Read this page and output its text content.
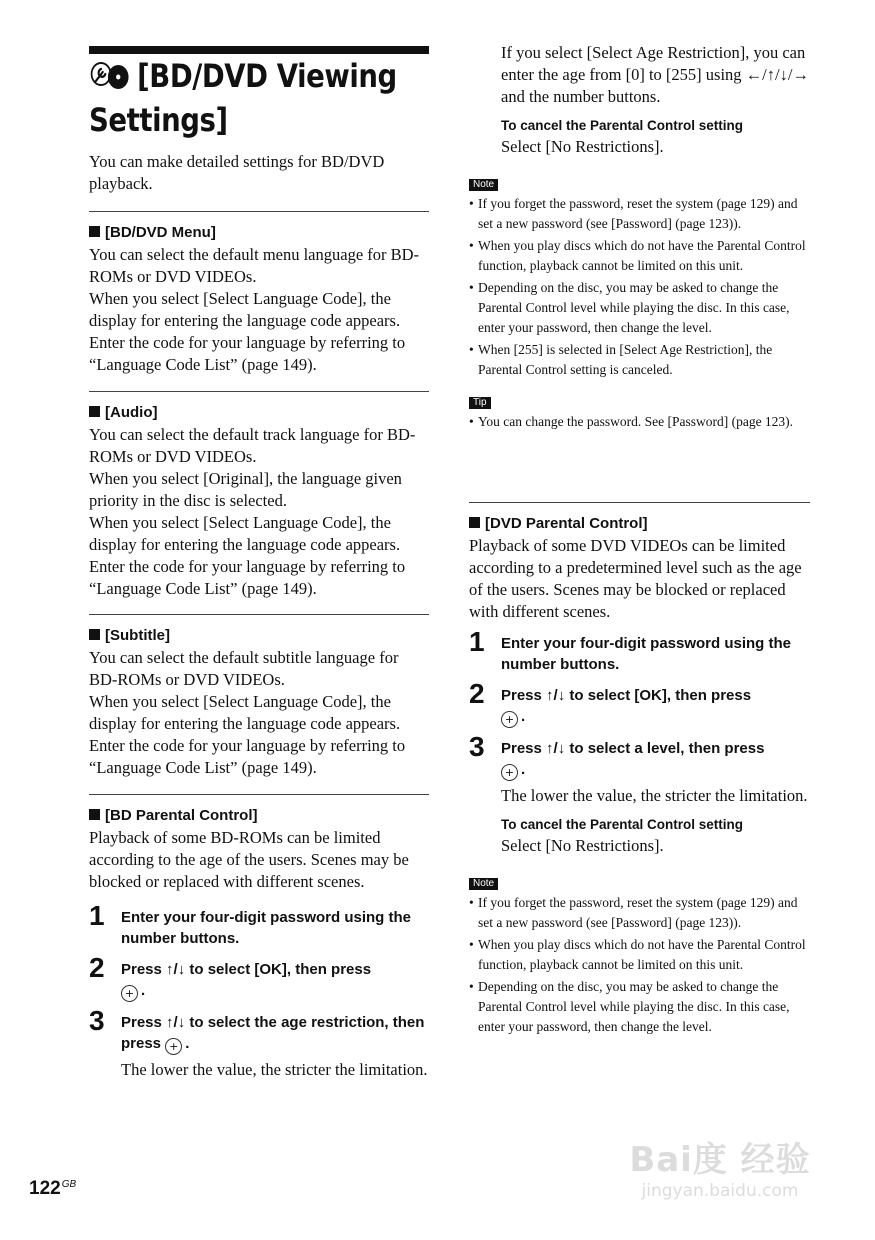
[BD/DVD Viewing
Settings]

You can make detailed settings for BD/DVD playback.

[BD/DVD Menu]

You can select the default menu language for BD-ROMs or DVD VIDEOs.

When you select [Select Language Code], the display for entering the language code appears. Enter the code for your language by referring to “Language Code List” (page 149).

[Audio]

You can select the default track language for BD-ROMs or DVD VIDEOs.

When you select [Original], the language given priority in the disc is selected.

When you select [Select Language Code], the display for entering the language code appears. Enter the code for your language by referring to “Language Code List” (page 149).

[Subtitle]

You can select the default subtitle language for BD-ROMs or DVD VIDEOs.

When you select [Select Language Code], the display for entering the language code appears. Enter the code for your language by referring to “Language Code List” (page 149).

[BD Parental Control]

Playback of some BD-ROMs can be limited according to the age of the users. Scenes may be blocked or replaced with different scenes.

1 Enter your four-digit password using the number buttons.
2 Press ↑/↓ to select [OK], then press
+ .
3 Press ↑/↓ to select the age restriction, then press + .

The lower the value, the stricter the limitation.

If you select [Select Age Restriction], you can enter the age from [0] to [255] using ←/↑/↓/→ and the number buttons.

To cancel the Parental Control setting

Select [No Restrictions].

Note
• If you forget the password, reset the system (page 129) and set a new password (see [Password] (page 123)).
• When you play discs which do not have the Parental Control function, playback cannot be limited on this unit.
• Depending on the disc, you may be asked to change the Parental Control level while playing the disc. In this case, enter your password, then change the level.
• When [255] is selected in [Select Age Restriction], the Parental Control setting is canceled.
Tip
• You can change the password. See [Password] (page 123).

[DVD Parental Control]

Playback of some DVD VIDEOs can be limited according to a predetermined level such as the age of the users. Scenes may be blocked or replaced with different scenes.

1 Enter your four-digit password using the number buttons.
2 Press ↑/↓ to select [OK], then press
+ .
3 Press ↑/↓ to select a level, then press
+ .

The lower the value, the stricter the limitation.

To cancel the Parental Control setting

Select [No Restrictions].

Note
• If you forget the password, reset the system (page 129) and set a new password (see [Password] (page 123)).
• When you play discs which do not have the Parental Control function, playback cannot be limited on this unit.
• Depending on the disc, you may be asked to change the Parental Control level while playing the disc. In this case, enter your password, then change the level.
$122^{GB}$
Bai度 经验
jingyan.baidu.com
